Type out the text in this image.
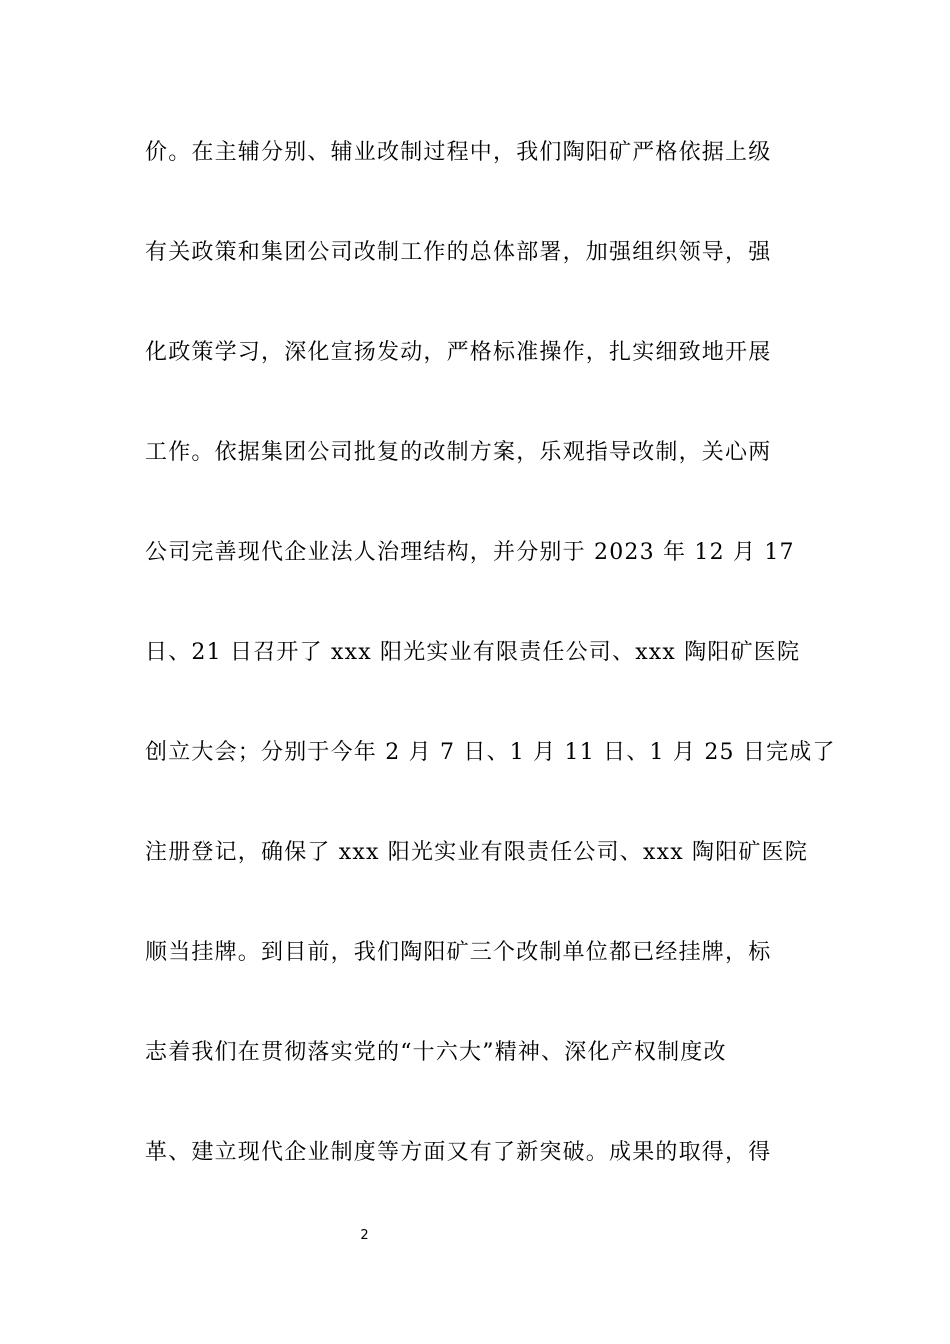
价。在主辅分别、辅业改制过程中，我们陶阳矿严格依据上级
有关政策和集团公司改制工作的总体部署，加强组织领导，强
化政策学习，深化宣扬发动，严格标准操作，扎实细致地开展
工作。依据集团公司批复的改制方案，乐观指导改制，关心两
公司完善现代企业法人治理结构，并分别于 2023 年 12 月 17
日、21 日召开了 xxx 阳光实业有限责任公司、xxx 陶阳矿医院
创立大会；分别于今年 2 月 7 日、1 月 11 日、1 月 25 日完成了
注册登记，确保了 xxx 阳光实业有限责任公司、xxx 陶阳矿医院
顺当挂牌。到目前，我们陶阳矿三个改制单位都已经挂牌，标
志着我们在贯彻落实党的“十六大”精神、深化产权制度改
革、建立现代企业制度等方面又有了新突破。成果的取得，得
2
